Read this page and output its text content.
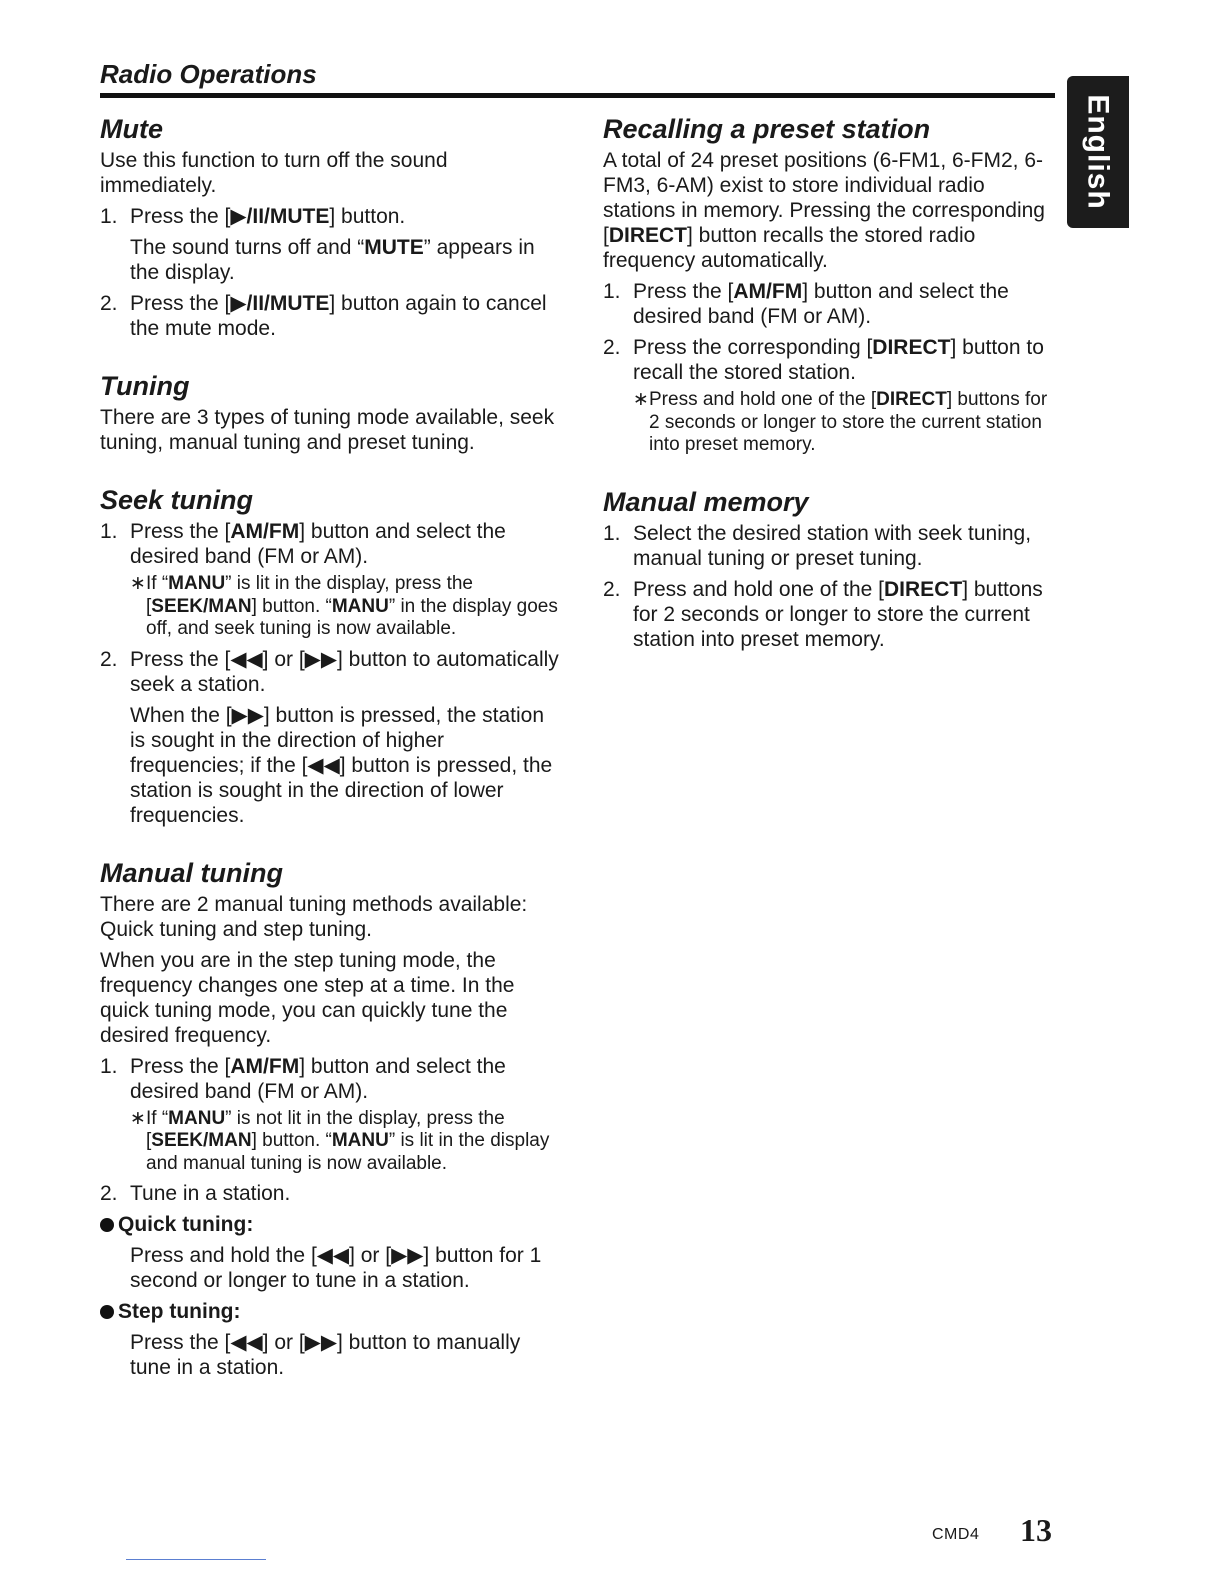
Radio Operations
English
Mute

Use this function to turn off the sound immediately.

1. Press the [▶/II/MUTE] button.

The sound turns off and “MUTE” appears in the display.

2. Press the [▶/II/MUTE] button again to cancel the mute mode.

Tuning

There are 3 types of tuning mode available, seek tuning, manual tuning and preset tuning.

Seek tuning
1. Press the [AM/FM] button and select the desired band (FM or AM).

∗ If “MANU” is lit in the display, press the [SEEK/MAN] button. “MANU” in the display goes off, and seek tuning is now available.
2. Press the [◀◀] or [▶▶] button to automatically seek a station.

When the [▶▶] button is pressed, the station is sought in the direction of higher frequencies; if the [◀◀] button is pressed, the station is sought in the direction of lower frequencies.

Manual tuning

There are 2 manual tuning methods available: Quick tuning and step tuning.

When you are in the step tuning mode, the frequency changes one step at a time. In the quick tuning mode, you can quickly tune the desired frequency.

1. Press the [AM/FM] button and select the desired band (FM or AM).

∗ If “MANU” is not lit in the display, press the [SEEK/MAN] button. “MANU” is lit in the display and manual tuning is now available.
2. Tune in a station.

Quick tuning:

Press and hold the [◀◀] or [▶▶] button for 1 second or longer to tune in a station.

Step tuning:

Press the [◀◀] or [▶▶] button to manually tune in a station.

Recalling a preset station

A total of 24 preset positions (6-FM1, 6-FM2, 6-FM3, 6-AM) exist to store individual radio stations in memory. Pressing the corresponding [DIRECT] button recalls the stored radio frequency automatically.

1. Press the [AM/FM] button and select the desired band (FM or AM).

2. Press the corresponding [DIRECT] button to recall the stored station.

∗ Press and hold one of the [DIRECT] buttons for 2 seconds or longer to store the current station into preset memory.
Manual memory
1. Select the desired station with seek tuning, manual tuning or preset tuning.

2. Press and hold one of the [DIRECT] buttons for 2 seconds or longer to store the current station into preset memory.

CMD4 13
